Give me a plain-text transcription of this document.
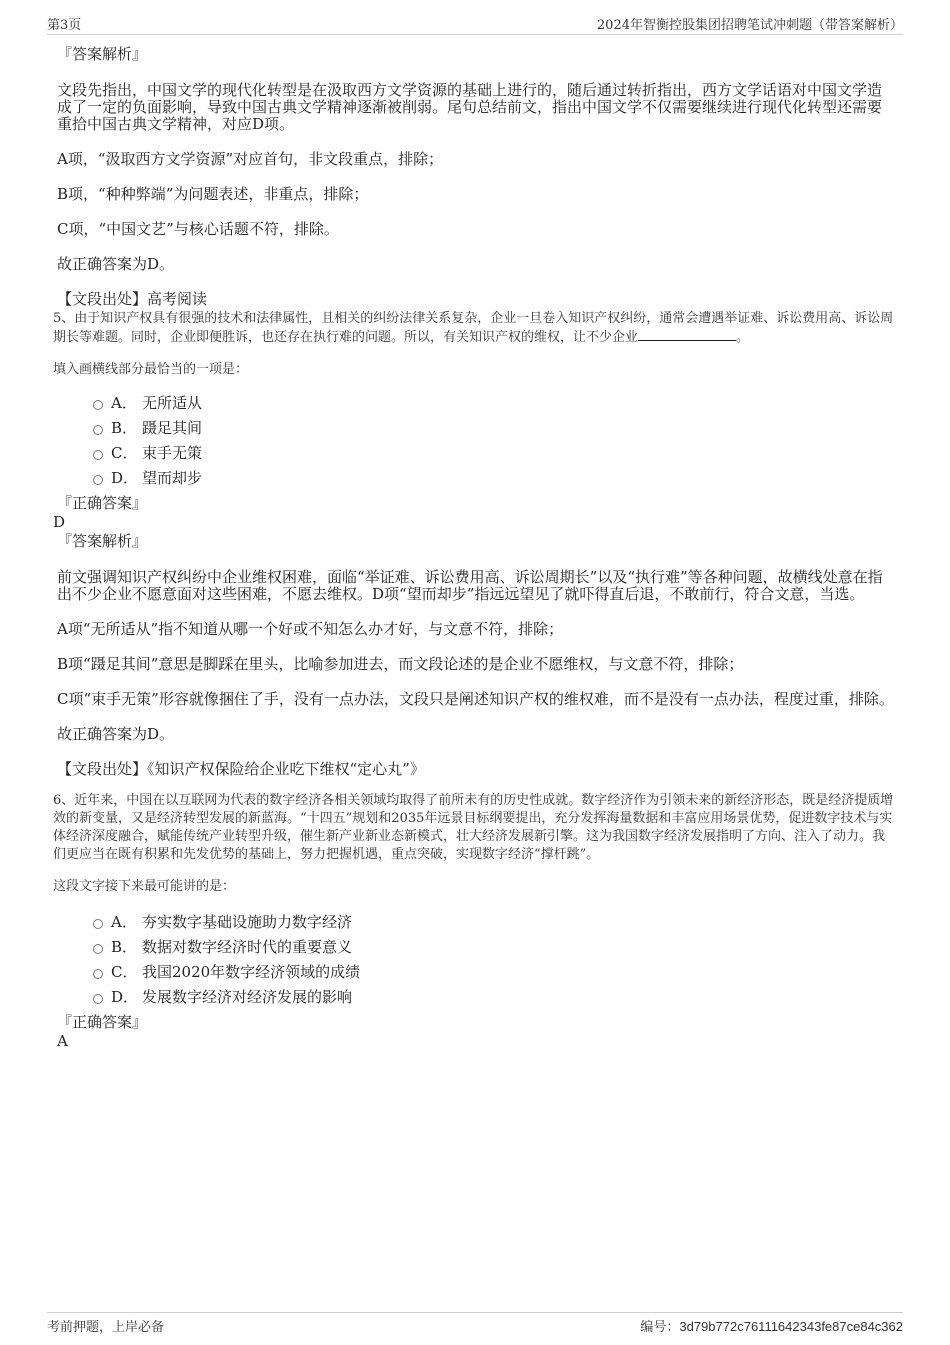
第3页	2024年智衡控股集团招聘笔试冲刺题（带答案解析）

『答案解析』

文段先指出，中国文学的现代化转型是在汲取西方文学资源的基础上进行的，随后通过转折指出，西方文学话语对中国文学造成了一定的负面影响，导致中国古典文学精神逐渐被削弱。尾句总结前文，指出中国文学不仅需要继续进行现代化转型还需要重拾中国古典文学精神，对应D项。

A项，“汲取西方文学资源”对应首句，非文段重点，排除；

B项，“种种弊端”为问题表述，非重点，排除；

C项，“中国文艺”与核心话题不符，排除。

故正确答案为D。

【文段出处】高考阅读

5、由于知识产权具有很强的技术和法律属性，且相关的纠纷法律关系复杂，企业一旦卷入知识产权纠纷，通常会遭遇举证难、诉讼费用高、诉讼周期长等难题。同时，企业即便胜诉，也还存在执行难的问题。所以，有关知识产权的维权，让不少企业	。

填入画横线部分最恰当的一项是：

A． 无所适从
B． 蹑足其间
C． 束手无策
D． 望而却步

『正确答案』

D

『答案解析』

前文强调知识产权纠纷中企业维权困难，面临“举证难、诉讼费用高、诉讼周期长”以及“执行难”等各种问题，故横线处意在指出不少企业不愿意面对这些困难，不愿去维权。D项“望而却步”指远远望见了就吓得直后退，不敢前行，符合文意，当选。

A项“无所适从”指不知道从哪一个好或不知怎么办才好，与文意不符，排除；

B项“蹑足其间”意思是脚踩在里头，比喻参加进去，而文段论述的是企业不愿维权，与文意不符，排除；

C项“束手无策”形容就像捆住了手，没有一点办法，文段只是阐述知识产权的维权难，而不是没有一点办法，程度过重，排除。

故正确答案为D。

【文段出处】《知识产权保险给企业吃下维权“定心丸”》

6、近年来，中国在以互联网为代表的数字经济各相关领域均取得了前所未有的历史性成就。数字经济作为引领未来的新经济形态，既是经济提质增效的新变量，又是经济转型发展的新蓝海。“十四五”规划和2035年远景目标纲要提出，充分发挥海量数据和丰富应用场景优势，促进数字技术与实体经济深度融合，赋能传统产业转型升级，催生新产业新业态新模式，壮大经济发展新引擎。这为我国数字经济发展指明了方向、注入了动力。我们更应当在既有积累和先发优势的基础上，努力把握机遇，重点突破，实现数字经济“撑杆跳”。

这段文字接下来最可能讲的是：

A． 夯实数字基础设施助力数字经济
B． 数据对数字经济时代的重要意义
C． 我国2020年数字经济领域的成绩
D． 发展数字经济对经济发展的影响

『正确答案』

A

考前押题，上岸必备	编号：3d79b772c76111642343fe87ce84c362
